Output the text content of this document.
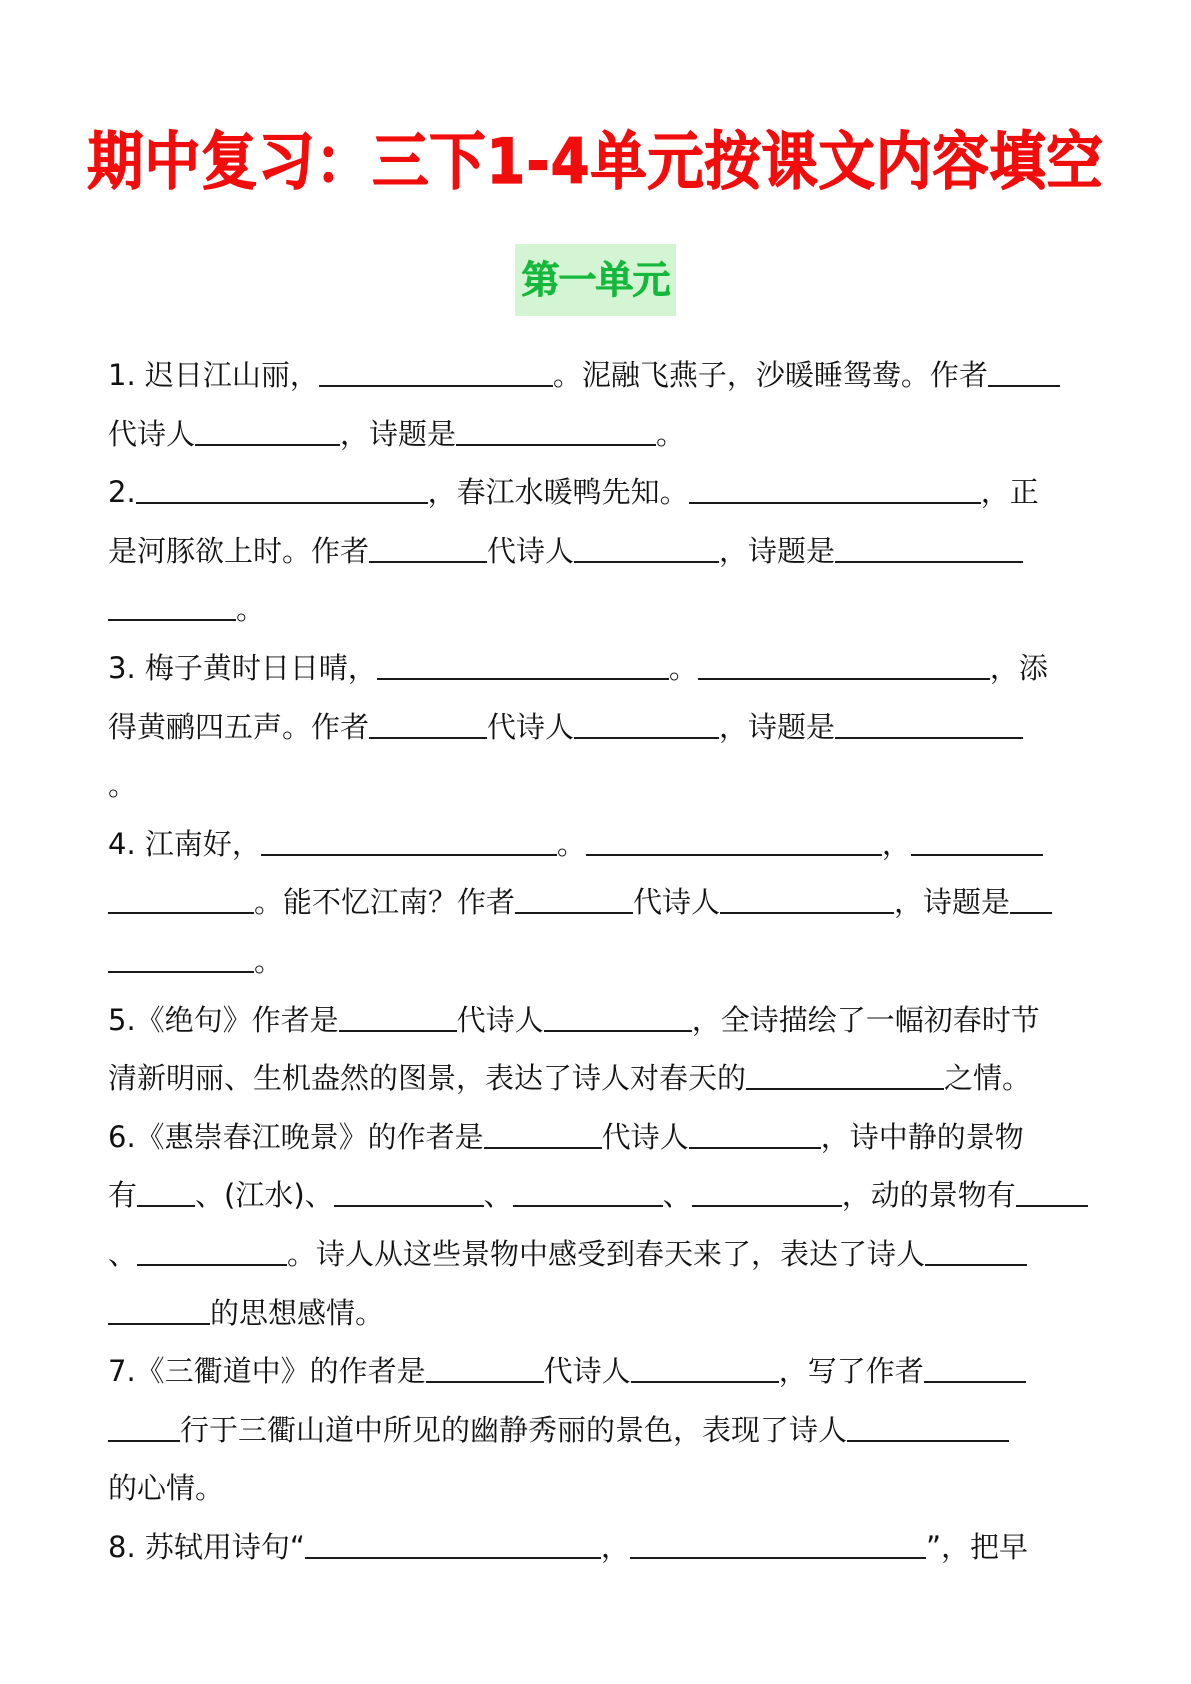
期中复习：三下1-4单元按课文内容填空
第一单元
1. 迟日江山丽，	。泥融飞燕子，沙暖睡鸳鸯。作者
代诗人	，诗题是	。
2.	，春江水暖鸭先知。	，正
是河豚欲上时。作者	代诗人	，诗题是
。
3. 梅子黄时日日晴，	。	，添
得黄鹂四五声。作者	代诗人	，诗题是
。
4. 江南好，	。	，
。能不忆江南？作者	代诗人	，诗题是
。
5.《绝句》作者是	代诗人	，全诗描绘了一幅初春时节
清新明丽、生机盎然的图景，表达了诗人对春天的	之情。
6.《惠崇春江晚景》的作者是	代诗人	，诗中静的景物
有 、(江水)、	、	、	，动的景物有
、	。诗人从这些景物中感受到春天来了，表达了诗人
的思想感情。
7.《三衢道中》的作者是	代诗人	，写了作者
行于三衢山道中所见的幽静秀丽的景色，表现了诗人
的心情。
8. 苏轼用诗句“	，	”，把早
